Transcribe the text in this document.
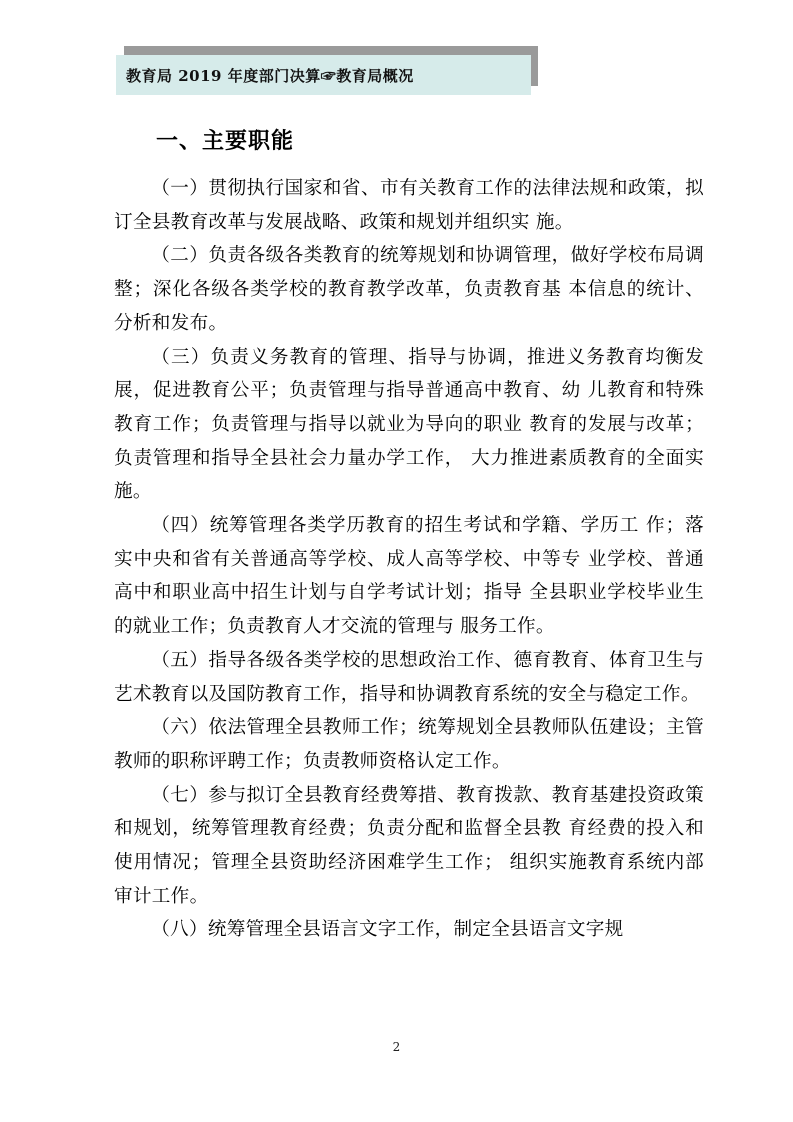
教育局 2019 年度部门决算☞教育局概况
一、主要职能

（一）贯彻执行国家和省、市有关教育工作的法律法规和政策，拟订全县教育改革与发展战略、政策和规划并组织实 施。

（二）负责各级各类教育的统筹规划和协调管理，做好学校布局调整；深化各级各类学校的教育教学改革，负责教育基 本信息的统计、分析和发布。

（三）负责义务教育的管理、指导与协调，推进义务教育均衡发展，促进教育公平；负责管理与指导普通高中教育、幼 儿教育和特殊教育工作；负责管理与指导以就业为导向的职业 教育的发展与改革；负责管理和指导全县社会力量办学工作， 大力推进素质教育的全面实施。

（四）统筹管理各类学历教育的招生考试和学籍、学历工 作；落实中央和省有关普通高等学校、成人高等学校、中等专 业学校、普通高中和职业高中招生计划与自学考试计划；指导 全县职业学校毕业生的就业工作；负责教育人才交流的管理与 服务工作。

（五）指导各级各类学校的思想政治工作、德育教育、体育卫生与艺术教育以及国防教育工作，指导和协调教育系统的安全与稳定工作。

（六）依法管理全县教师工作；统筹规划全县教师队伍建设；主管教师的职称评聘工作；负责教师资格认定工作。

（七）参与拟订全县教育经费筹措、教育拨款、教育基建投资政策和规划，统筹管理教育经费；负责分配和监督全县教 育经费的投入和使用情况；管理全县资助经济困难学生工作； 组织实施教育系统内部审计工作。

（八）统筹管理全县语言文字工作，制定全县语言文字规

2
